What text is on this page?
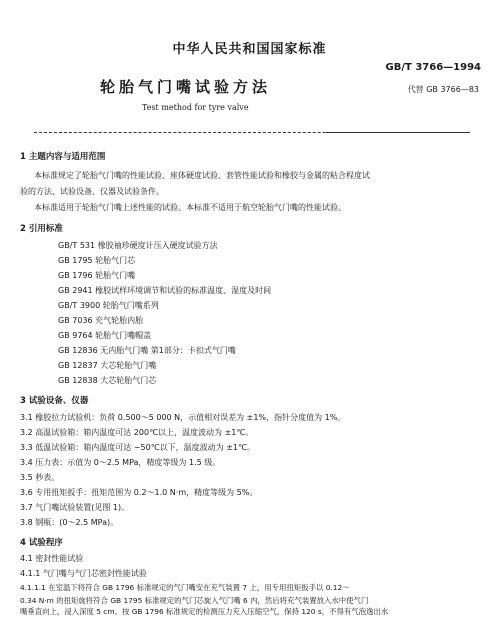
中华人民共和国国家标准
GB/T 3766—1994
轮胎气门嘴试验方法	代替 GB 3766—83
Test method for tyre valve
1 主题内容与适用范围
本标准规定了轮胎气门嘴的性能试验、座体硬度试验、套管性能试验和橡胶与金属的粘合程度试
验的方法、试验设备、仪器及试验条件。
本标准适用于轮胎气门嘴上述性能的试验。本标准不适用于航空轮胎气门嘴的性能试验。
2 引用标准
GB/T 531 橡胶袖珍硬度计压入硬度试验方法
GB 1795 轮胎气门芯
GB 1796 轮胎气门嘴
GB 2941 橡胶试样环境调节和试验的标准温度、湿度及时间
GB/T 3900 轮胎气门嘴系列
GB 7036 充气轮胎内胎
GB 9764 轮胎气门嘴帽盖
GB 12836 无内胎气门嘴 第1部分：卡扣式气门嘴
GB 12837 大芯轮胎气门嘴
GB 12838 大芯轮胎气门芯
3 试验设备、仪器
3.1 橡胶拉力试验机：负荷 0.500～5 000 N，示值相对误差为 ±1%，指针分度值为 1%。
3.2 高温试验箱：箱内温度可达 200℃以上，温度波动为 ±1℃。
3.3 低温试验箱：箱内温度可达 −50℃以下，温度波动为 ±1℃。
3.4 压力表：示值为 0～2.5 MPa，精度等级为 1.5 级。
3.5 秒表。
3.6 专用扭矩扳手：扭矩范围为 0.2～1.0 N·m，精度等级为 5%。
3.7 气门嘴试验装置(见图 1)。
3.8 钢瓶：(0～2.5 MPa)。
4 试验程序
4.1 密封性能试验
4.1.1 气门嘴与气门芯密封性能试验
4.1.1.1 在室温下将符合 GB 1796 标准规定的气门嘴安在充气装置 7 上，用专用扭矩扳手以 0.12～
0.34 N·m 的扭矩旋将符合 GB 1795 标准规定的气门芯旋入气门嘴 6 内，然后将充气装置放入水中使气门
嘴垂直向上，浸入深度 5 cm。按 GB 1796 标准规定的检测压力充入压缩空气，保持 120 s，不得有气泡逸出水
